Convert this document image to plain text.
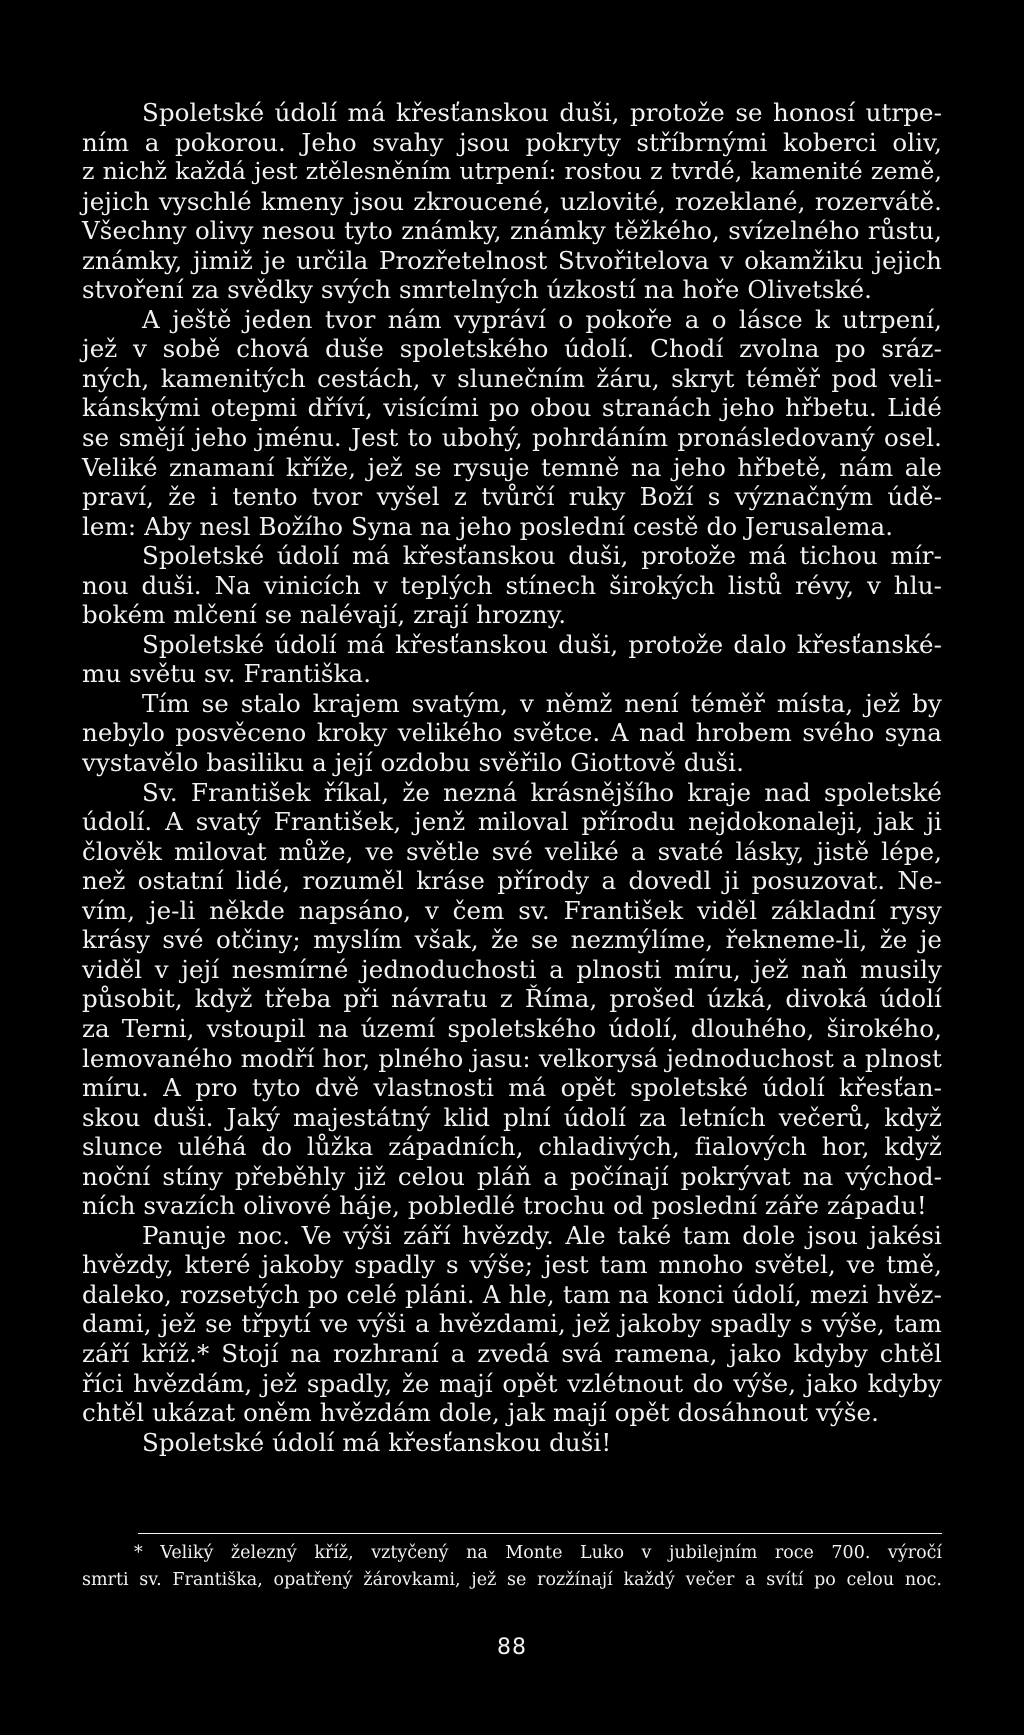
Spoletské údolí má křesťanskou duši, protože se honosí utrpe-
ním a pokorou. Jeho svahy jsou pokryty stříbrnými koberci oliv,
z nichž každá jest ztělesněním utrpení: rostou z tvrdé, kamenité země,
jejich vyschlé kmeny jsou zkroucené, uzlovité, rozeklané, rozervátě.
Všechny olivy nesou tyto známky, známky těžkého, svízelného růstu,
známky, jimiž je určila Prozřetelnost Stvořitelova v okamžiku jejich
stvoření za svědky svých smrtelných úzkostí na hoře Olivetské.
A ještě jeden tvor nám vypráví o pokoře a o lásce k utrpení,
jež v sobě chová duše spoletského údolí. Chodí zvolna po sráz-
ných, kamenitých cestách, v slunečním žáru, skryt téměř pod veli-
kánskými otepmi dříví, visícími po obou stranách jeho hřbetu. Lidé
se smějí jeho jménu. Jest to ubohý, pohrdáním pronásledovaný osel.
Veliké znamaní kříže, jež se rysuje temně na jeho hřbetě, nám ale
praví, že i tento tvor vyšel z tvůrčí ruky Boží s význačným údě-
lem: Aby nesl Božího Syna na jeho poslední cestě do Jerusalema.
Spoletské údolí má křesťanskou duši, protože má tichou mír-
nou duši. Na vinicích v teplých stínech širokých listů révy, v hlu-
bokém mlčení se nalévají, zrají hrozny.
Spoletské údolí má křesťanskou duši, protože dalo křesťanské-
mu světu sv. Františka.
Tím se stalo krajem svatým, v němž není téměř místa, jež by
nebylo posvěceno kroky velikého světce. A nad hrobem svého syna
vystavělo basiliku a její ozdobu svěřilo Giottově duši.
Sv. František říkal, že nezná krásnějšího kraje nad spoletské
údolí. A svatý František, jenž miloval přírodu nejdokonaleji, jak ji
člověk milovat může, ve světle své veliké a svaté lásky, jistě lépe,
než ostatní lidé, rozuměl kráse přírody a dovedl ji posuzovat. Ne-
vím, je-li někde napsáno, v čem sv. František viděl základní rysy
krásy své otčiny; myslím však, že se nezmýlíme, řekneme-li, že je
viděl v její nesmírné jednoduchosti a plnosti míru, jež naň musily
působit, když třeba při návratu z Říma, prošed úzká, divoká údolí
za Terni, vstoupil na území spoletského údolí, dlouhého, širokého,
lemovaného modří hor, plného jasu: velkorysá jednoduchost a plnost
míru. A pro tyto dvě vlastnosti má opět spoletské údolí křesťan-
skou duši. Jaký majestátný klid plní údolí za letních večerů, když
slunce uléhá do lůžka západních, chladivých, fialových hor, když
noční stíny přeběhly již celou pláň a počínají pokrývat na východ-
ních svazích olivové háje, pobledlé trochu od poslední záře západu!
Panuje noc. Ve výši září hvězdy. Ale také tam dole jsou jakési
hvězdy, které jakoby spadly s výše; jest tam mnoho světel, ve tmě,
daleko, rozsetých po celé pláni. A hle, tam na konci údolí, mezi hvěz-
dami, jež se třpytí ve výši a hvězdami, jež jakoby spadly s výše, tam
září kříž.* Stojí na rozhraní a zvedá svá ramena, jako kdyby chtěl
říci hvězdám, jež spadly, že mají opět vzlétnout do výše, jako kdyby
chtěl ukázat oněm hvězdám dole, jak mají opět dosáhnout výše.
Spoletské údolí má křesťanskou duši!
* Veliký železný kříž, vztyčený na Monte Luko v jubilejním roce 700. výročí
smrti sv. Františka, opatřený žárovkami, jež se rozžínají každý večer a svítí po celou noc.
88
